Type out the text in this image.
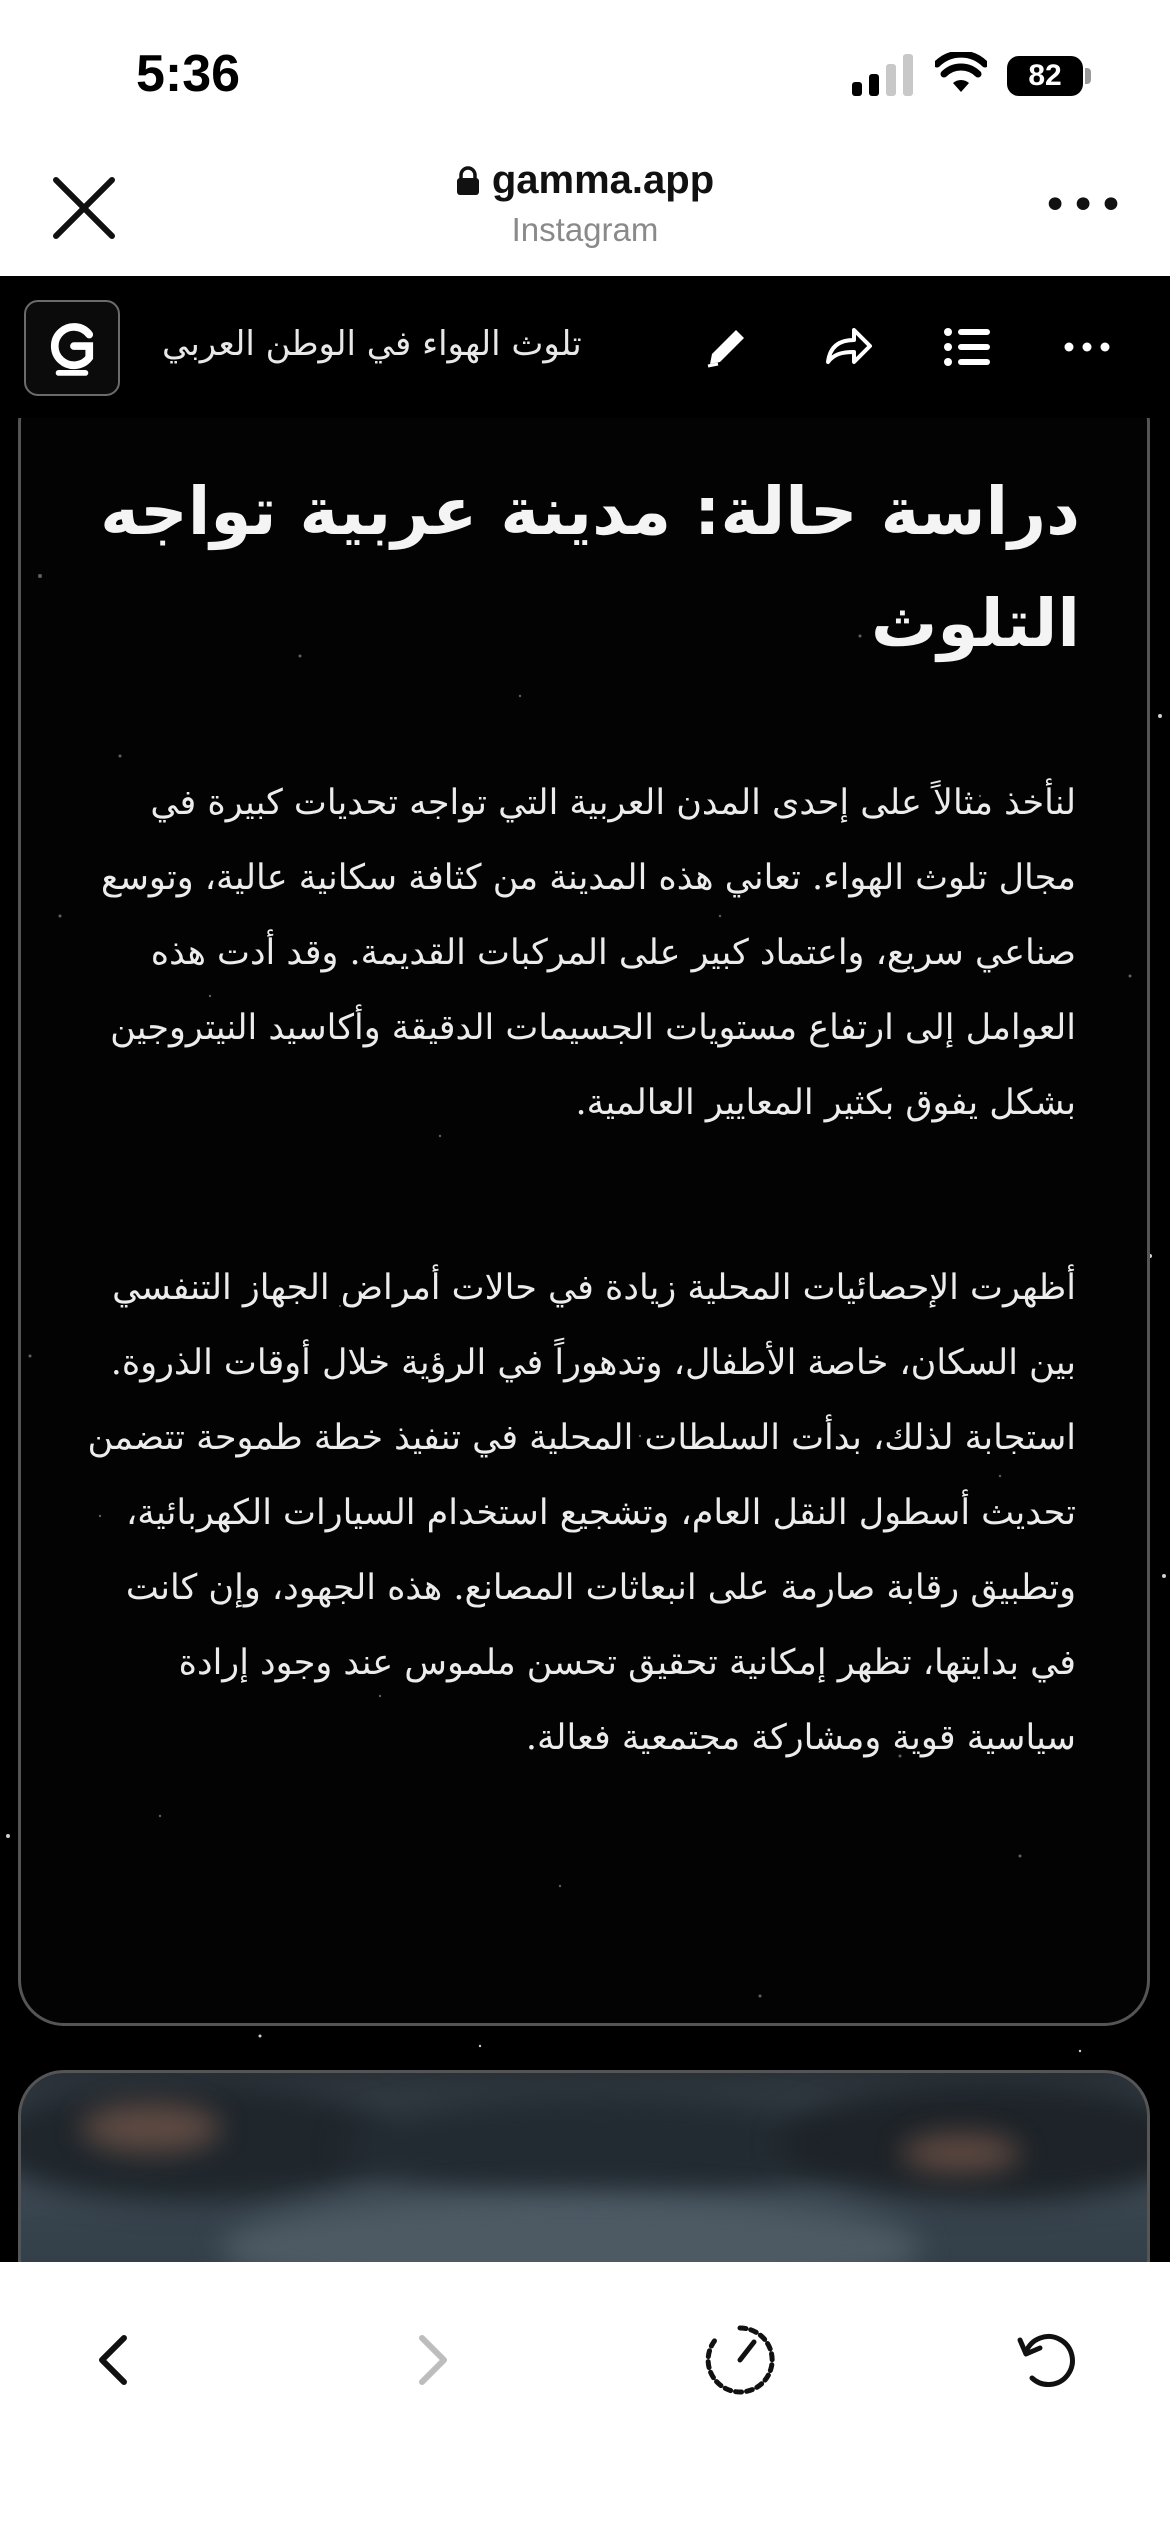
5:36	82
gamma.app
Instagram	•••
تلوث الهواء في الوطن العربي
دراسة حالة: مدينة عربية تواجه التلوث
لنأخذ مثالاً على إحدى المدن العربية التي تواجه تحديات كبيرة في مجال تلوث الهواء. تعاني هذه المدينة من كثافة سكانية عالية، وتوسع صناعي سريع، واعتماد كبير على المركبات القديمة. وقد أدت هذه العوامل إلى ارتفاع مستويات الجسيمات الدقيقة وأكاسيد النيتروجين بشكل يفوق بكثير المعايير العالمية.
أظهرت الإحصائيات المحلية زيادة في حالات أمراض الجهاز التنفسي بين السكان، خاصة الأطفال، وتدهوراً في الرؤية خلال أوقات الذروة. استجابة لذلك، بدأت السلطات المحلية في تنفيذ خطة طموحة تتضمن تحديث أسطول النقل العام، وتشجيع استخدام السيارات الكهربائية، وتطبيق رقابة صارمة على انبعاثات المصانع. هذه الجهود، وإن كانت في بدايتها، تظهر إمكانية تحقيق تحسن ملموس عند وجود إرادة سياسية قوية ومشاركة مجتمعية فعالة.
